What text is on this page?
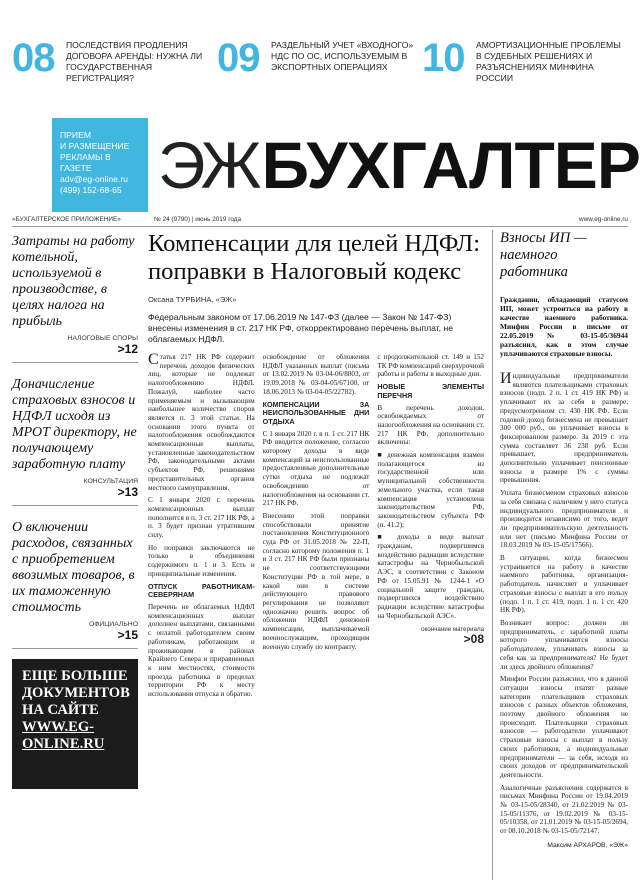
08	ПОСЛЕДСТВИЯ ПРОДЛЕНИЯ ДОГОВОРА АРЕНДЫ: НУЖНА ЛИ ГОСУДАРСТВЕННАЯ РЕГИСТРАЦИЯ?	09	РАЗДЕЛЬНЫЙ УЧЕТ «ВХОДНОГО» НДС ПО ОС, ИСПОЛЬЗУЕМЫМ В ЭКСПОРТНЫХ ОПЕРАЦИЯХ 10	АМОРТИЗАЦИОННЫЕ ПРОБЛЕМЫ В СУДЕБНЫХ РЕШЕНИЯХ И РАЗЪЯСНЕНИЯХ МИНФИНА РОССИИ
ПРИЕМ
И РАЗМЕЩЕНИЕ
РЕКЛАМЫ В ГАЗЕТЕ
adv@eg-online.ru
(499) 152-68-65 ЭЖ БУХГАЛТЕР
«БУХГАЛТЕРСКОЕ ПРИЛОЖЕНИЕ»	№ 24 (9790) | июнь 2019 года	www.eg-online.ru
Затраты на работу котельной, используемой в производстве, в целях налога на прибыль
НАЛОГОВЫЕ СПОРЫ
>12
Доначисление страховых взносов и НДФЛ исходя из МРОТ директору, не получающему заработную плату
КОНСУЛЬТАЦИЯ
>13
О включении расходов, связанных с приобретением ввозимых товаров, в их таможенную стоимость
ОФИЦИАЛЬНО
>15
ЕЩЕ БОЛЬШЕ ДОКУМЕНТОВ НА САЙТЕ
WWW.EG-ONLINE.RU
Компенсации для целей НДФЛ: поправки в Налоговый кодекс
Оксана ТУРБИНА, «ЭЖ»
Федеральным законом от 17.06.2019 № 147-ФЗ (далее — Закон № 147-ФЗ) внесены изменения в ст. 217 НК РФ, откорректировано перечень выплат, не облагаемых НДФЛ.

Статья 217 НК РФ содержит перечень доходов физических лиц, которые не подлежат налогообложению НДФЛ. Пожалуй, наиболее часто применяемым и вызывающим наибольшее количество споров является п. 3 этой статьи. На основании этого пункта от налогообложения освобождаются компенсационные выплаты, установленные законодательством РФ, законодательными актами субъектов РФ, решениями представительных органов местного самоуправления.

С 1 января 2020 г. перечень компенсационных выплат пополнится в п. 3 ст. 217 НК РФ, а п. 3 будет признан утратившим силу.

Но поправки заключаются не только в объединении содержимого п. 1 и 3. Есть и принципиальные изменения.

ОТПУСК РАБОТНИКАМ-СЕВЕРЯНАМ

Перечень не облагаемых НДФЛ компенсационных выплат дополнен выплатами, связанными с оплатой работодателем своим работникам, работающим и проживающим в районах Крайнего Севера и приравненных к ним местностях, стоимости проезда работника в пределах территории РФ к месту использования отпуска и обратно.

освобождение от обложения НДФЛ указанных выплат (письма от 13.02.2019 № 03-04-06/8803, от 19.09.2018 № 03-04-05/67100, от 18.06.2013 № 03-04-05/22782).

КОМПЕНСАЦИИ ЗА НЕИСПОЛЬЗОВАННЫЕ ДНИ ОТДЫХА

С 1 января 2020 г. в п. 1 ст. 217 НК РФ вводится положение, согласно которому доходы в виде компенсаций за неиспользованные предоставленные дополнительные сутки отдыха не подлежат освобождению от налогообложения на основании ст. 217 НК РФ.

Внесению этой поправки способствовали принятие постановления Конституционного суда РФ от 31.05.2018 № 22-П, согласно которому положения п. 1 и 3 ст. 217 НК РФ были признаны не соответствующими Конституции РФ в той мере, в какой они в системе действующего правового регулирования не позволяют однозначно решить вопрос об обложении НДФЛ денежной компенсации, выплачиваемой военнослужащим, проходящим военную службу по контракту.

с продолжительной ст. 149 и 152 ТК РФ компенсаций сверхурочной работы и работы в выходные дни.

НОВЫЕ ЭЛЕМЕНТЫ ПЕРЕЧНЯ

В перечень доходов, освобождаемых от налогообложения на основании ст. 217 НК РФ, дополнительно включены:

■ денежная компенсация взамен полагающегося из государственной или муниципальной собственности земельного участка, если такая компенсация установлена законодательством РФ, законодательством субъекта РФ (п. 41.2);

■ доходы в виде выплат гражданам, подвергшимся воздействию радиации вследствие катастрофы на Чернобыльской АЭС, в соответствии с Законом РФ от 15.05.91 № 1244-1 «О социальной защите граждан, подвергшихся воздействию радиации вследствие катастрофы на Чернобыльской АЭС».

окончание материала
>08
Взносы ИП — наемного работника
Гражданин, обладающий статусом ИП, может устроиться на работу в качестве наемного работника. Минфин России в письме от 22.05.2019 № 03-15-05/36944 разъяснил, как в этом случае уплачиваются страховые взносы.

Индивидуальные предприниматели являются плательщиками страховых взносов (подп. 2 п. 1 ст. 419 НК РФ) и уплачивают их за себя в размере, предусмотренном ст. 430 НК РФ. Если годовой доход бизнесмена не превышает 300 000 руб., он уплачивает взносы в фиксированном размере. За 2019 г. эта сумма составляет 36 238 руб. Если превышает, предприниматель дополнительно уплачивает пенсионные взносы в размере 1% с суммы превышения.

Уплата бизнесменом страховых взносов за себя связана с наличием у него статуса индивидуального предпринимателя и производится независимо от того, ведет ли предпринимательскую деятельность или нет (письмо Минфина России от 18.03.2019 № 03-15-05/17566).

В ситуации, когда бизнесмен устраивается на работу в качестве наемного работника, организация-работодатель начисляет и уплачивает страховые взносы с выплат в его пользу (подп. 1 п. 1 ст. 419, подп. 1 п. 1 ст. 420 НК РФ).

Возникает вопрос: должен ли предприниматель, с заработной платы которого уплачиваются взносы работодателем, уплачивать взносы за себя как за предпринимателя? Не будет ли здесь двойного обложения?

Минфин России разъяснил, что в данной ситуации взносы платят разные категории плательщиков страховых взносов с разных объектов обложения, поэтому двойного обложения не происходит. Плательщики страховых взносов — работодатели уплачивают страховые взносы с выплат в пользу своих работников, а индивидуальные предприниматели — за себя, исходя из своих доходов от предпринимательской деятельности.

Аналогичные разъяснения содержатся в письмах Минфина России от 19.04.2019 № 03-15-05/28340, от 21.02.2019 № 03-15-05/11376, от 19.02.2019 № 03-15-05/10358, от 21.01.2019 № 03-15-05/2694, от 08.10.2018 № 03-15-05/72147.

Максим АРХАРОВ, «ЭЖ»
